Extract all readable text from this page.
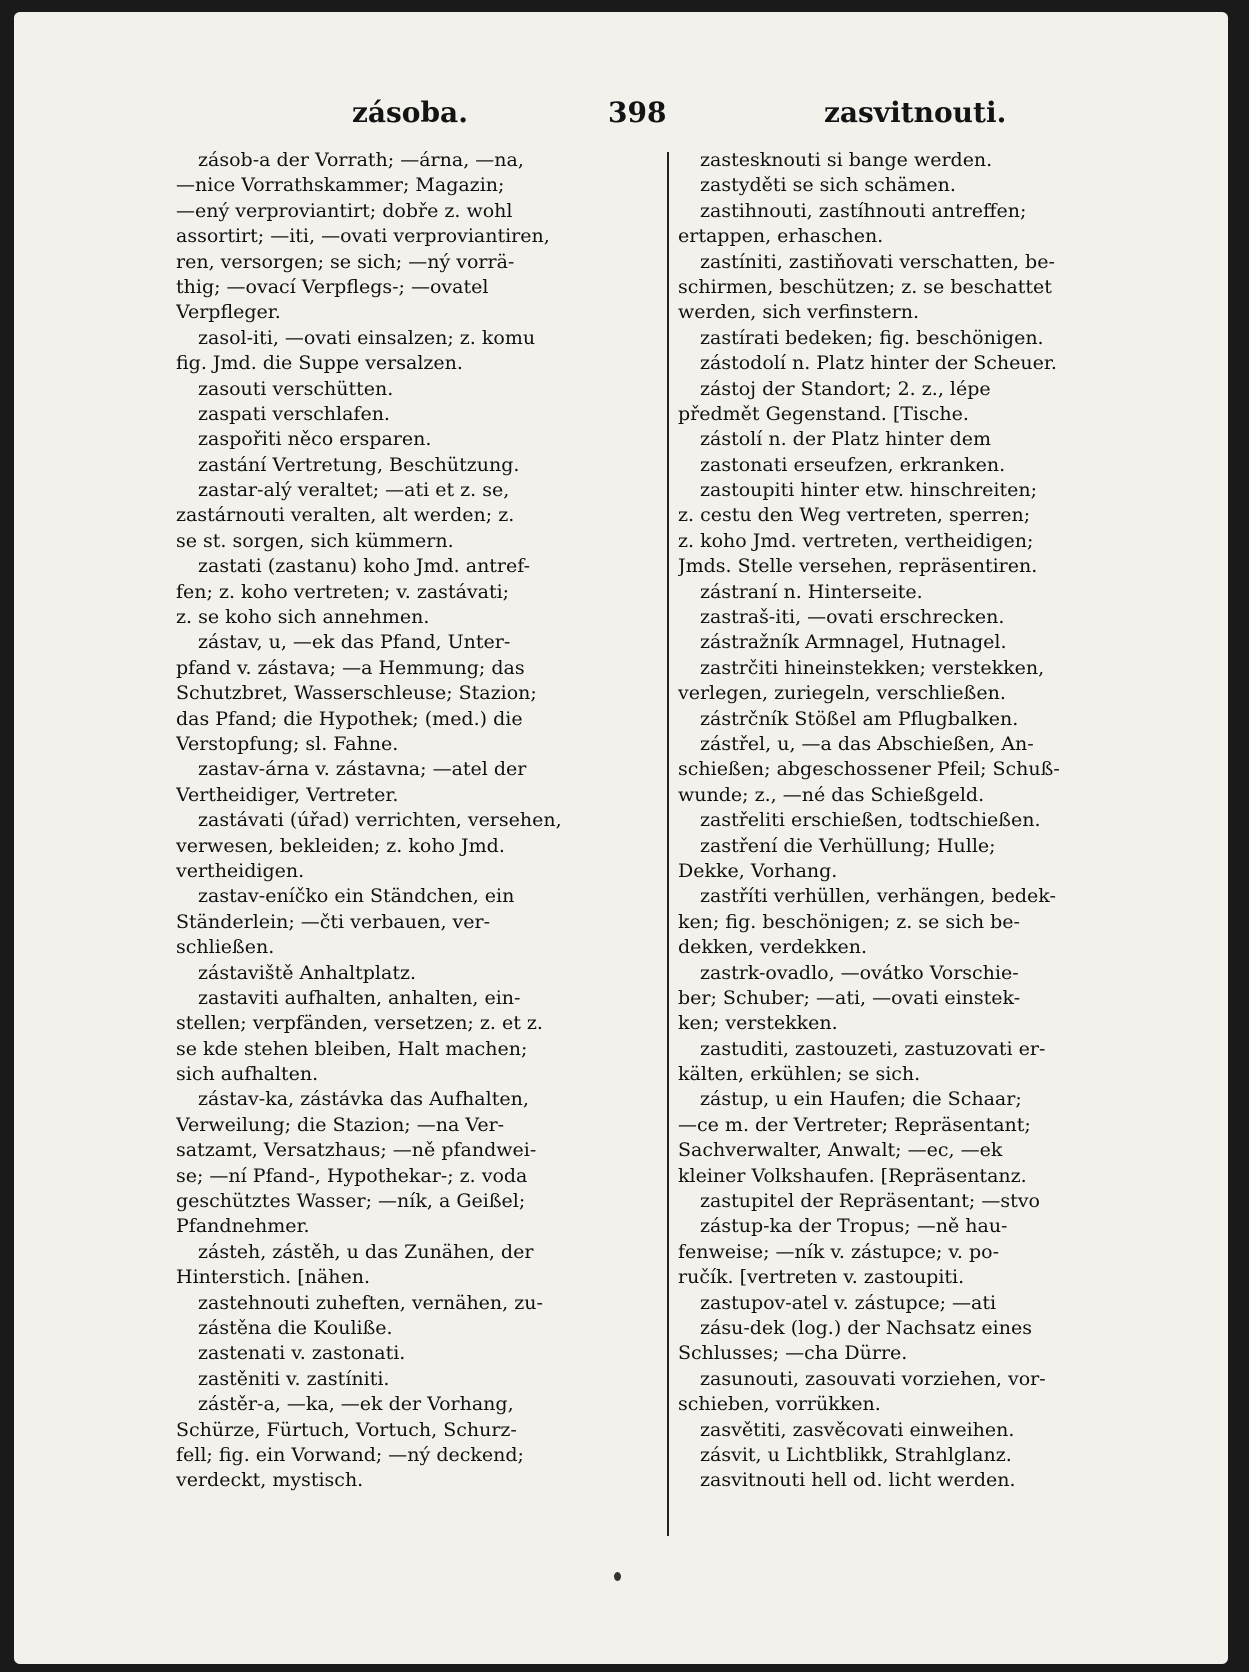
zásoba.	398	zasvitnouti.
zásob-a der Vorrath; —árna, —na,
—nice Vorrathskammer; Magazin;
—ený verproviantirt; dobře z. wohl
assortirt; —iti, —ovati verproviantiren,
ren, versorgen; se sich; —ný vorrä-
thig; —ovací Verpflegs-; —ovatel
Verpfleger.
zasol-iti, —ovati einsalzen; z. komu
fig. Jmd. die Suppe versalzen.
zasouti verschütten.
zaspati verschlafen.
zaspořiti něco ersparen.
zastání Vertretung, Beschützung.
zastar-alý veraltet; —ati et z. se,
zastárnouti veralten, alt werden; z.
se st. sorgen, sich kümmern.
zastati (zastanu) koho Jmd. antref-
fen; z. koho vertreten; v. zastávati;
z. se koho sich annehmen.
zástav, u, —ek das Pfand, Unter-
pfand v. zástava; —a Hemmung; das
Schutzbret, Wasserschleuse; Stazion;
das Pfand; die Hypothek; (med.) die
Verstopfung; sl. Fahne.
zastav-árna v. zástavna; —atel der
Vertheidiger, Vertreter.
zastávati (úřad) verrichten, versehen,
verwesen, bekleiden; z. koho Jmd.
vertheidigen.
zastav-eníčko ein Ständchen, ein
Ständerlein; —čti verbauen, ver-
schließen.
zástaviště Anhaltplatz.
zastaviti aufhalten, anhalten, ein-
stellen; verpfänden, versetzen; z. et z.
se kde stehen bleiben, Halt machen;
sich aufhalten.
zástav-ka, zástávka das Aufhalten,
Verweilung; die Stazion; —na Ver-
satzamt, Versatzhaus; —ně pfandwei-
se; —ní Pfand-, Hypothekar-; z. voda
geschütztes Wasser; —ník, a Geißel;
Pfandnehmer.
zásteh, zástěh, u das Zunähen, der
Hinterstich. [nähen.
zastehnouti zuheften, vernähen, zu-
zástěna die Kouliße.
zastenati v. zastonati.
zastěniti v. zastíniti.
zástěr-a, —ka, —ek der Vorhang,
Schürze, Fürtuch, Vortuch, Schurz-
fell; fig. ein Vorwand; —ný deckend;
verdeckt, mystisch.
zastesknouti si bange werden.
zastyděti se sich schämen.
zastihnouti, zastíhnouti antreffen;
ertappen, erhaschen.
zastíniti, zastiňovati verschatten, be-
schirmen, beschützen; z. se beschattet
werden, sich verfinstern.
zastírati bedeken; fig. beschönigen.
zástodolí n. Platz hinter der Scheuer.
zástoj der Standort; 2. z., lépe
předmět Gegenstand. [Tische.
zástolí n. der Platz hinter dem
zastonati erseufzen, erkranken.
zastoupiti hinter etw. hinschreiten;
z. cestu den Weg vertreten, sperren;
z. koho Jmd. vertreten, vertheidigen;
Jmds. Stelle versehen, repräsentiren.
zástraní n. Hinterseite.
zastraš-iti, —ovati erschrecken.
zástražník Armnagel, Hutnagel.
zastrčiti hineinstekken; verstekken,
verlegen, zuriegeln, verschließen.
zástrčník Stößel am Pflugbalken.
zástřel, u, —a das Abschießen, An-
schießen; abgeschossener Pfeil; Schuß-
wunde; z., —né das Schießgeld.
zastřeliti erschießen, todtschießen.
zastření die Verhüllung; Hulle;
Dekke, Vorhang.
zastříti verhüllen, verhängen, bedek-
ken; fig. beschönigen; z. se sich be-
dekken, verdekken.
zastrk-ovadlo, —ovátko Vorschie-
ber; Schuber; —ati, —ovati einstek-
ken; verstekken.
zastuditi, zastouzeti, zastuzovati er-
kälten, erkühlen; se sich.
zástup, u ein Haufen; die Schaar;
—ce m. der Vertreter; Repräsentant;
Sachverwalter, Anwalt; —ec, —ek
kleiner Volkshaufen. [Repräsentanz.
zastupitel der Repräsentant; —stvo
zástup-ka der Tropus; —ně hau-
fenweise; —ník v. zástupce; v. po-
ručík. [vertreten v. zastoupiti.
zastupov-atel v. zástupce; —ati
zásu-dek (log.) der Nachsatz eines
Schlusses; —cha Dürre.
zasunouti, zasouvati vorziehen, vor-
schieben, vorrükken.
zasvětiti, zasvěcovati einweihen.
zásvit, u Lichtblikk, Strahlglanz.
zasvitnouti hell od. licht werden.
